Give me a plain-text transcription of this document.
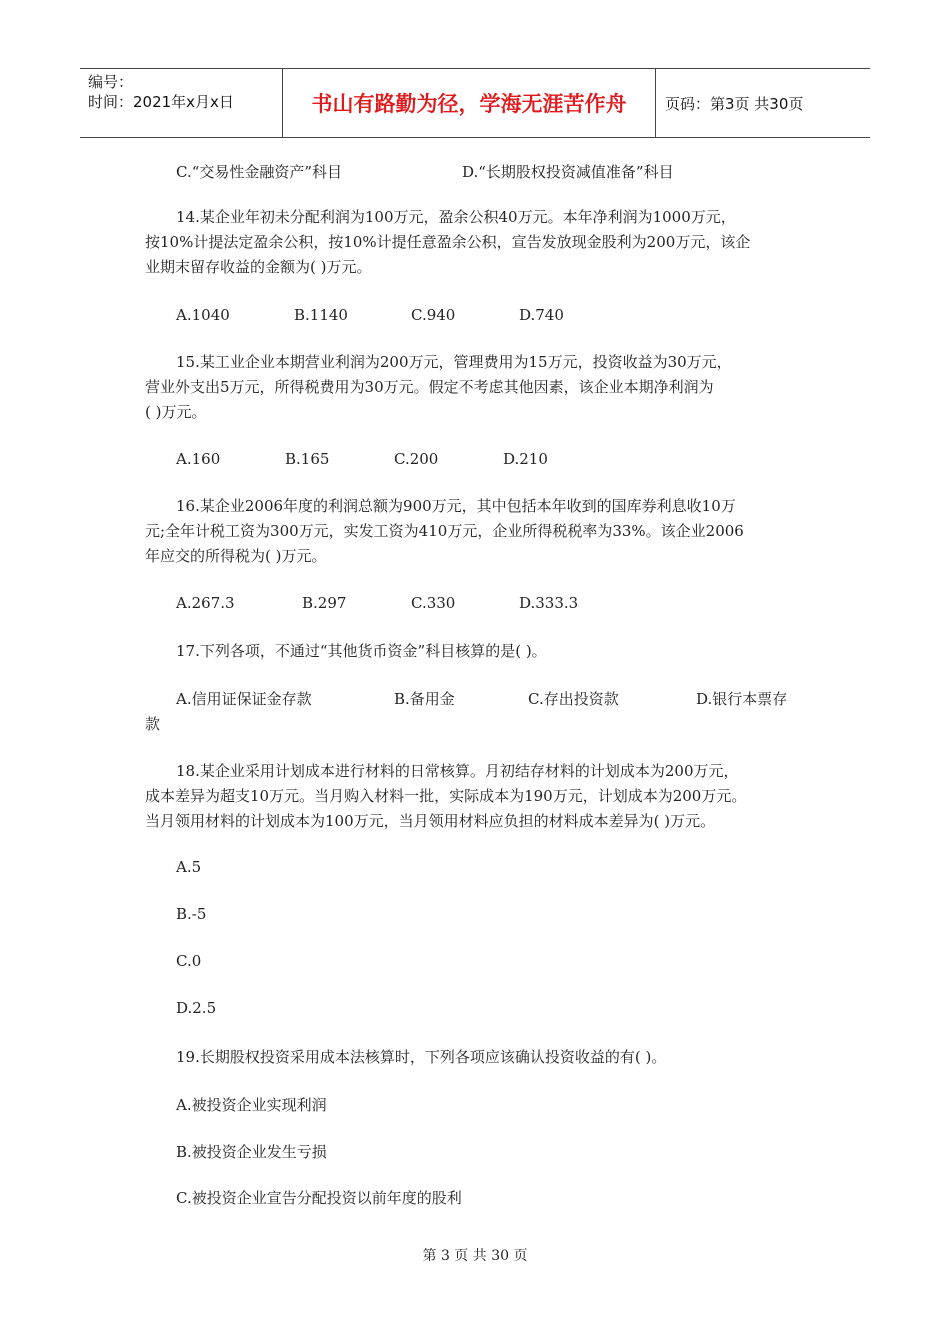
编号：
时间：2021年x月x日	书山有路勤为径，学海无涯苦作舟	页码：第3页 共30页
C.“交易性金融资产”科目	D.“长期股权投资减值准备”科目
14.某企业年初未分配利润为100万元，盈余公积40万元。本年净利润为1000万元，
按10%计提法定盈余公积，按10%计提任意盈余公积，宣告发放现金股利为200万元，该企
业期末留存收益的金额为( )万元。
A.1040	B.1140	C.940	D.740
15.某工业企业本期营业利润为200万元，管理费用为15万元，投资收益为30万元，
营业外支出5万元，所得税费用为30万元。假定不考虑其他因素，该企业本期净利润为
( )万元。
A.160	B.165	C.200	D.210
16.某企业2006年度的利润总额为900万元，其中包括本年收到的国库券利息收10万
元;全年计税工资为300万元，实发工资为410万元，企业所得税税率为33%。该企业2006
年应交的所得税为( )万元。
A.267.3	B.297	C.330	D.333.3
17.下列各项，不通过“其他货币资金”科目核算的是( )。
A.信用证保证金存款	B.备用金	C.存出投资款	D.银行本票存
款
18.某企业采用计划成本进行材料的日常核算。月初结存材料的计划成本为200万元，
成本差异为超支10万元。当月购入材料一批，实际成本为190万元，计划成本为200万元。
当月领用材料的计划成本为100万元，当月领用材料应负担的材料成本差异为( )万元。
A.5
B.-5
C.0
D.2.5
19.长期股权投资采用成本法核算时，下列各项应该确认投资收益的有( )。
A.被投资企业实现利润
B.被投资企业发生亏损
C.被投资企业宣告分配投资以前年度的股利
第 3 页 共 30 页
